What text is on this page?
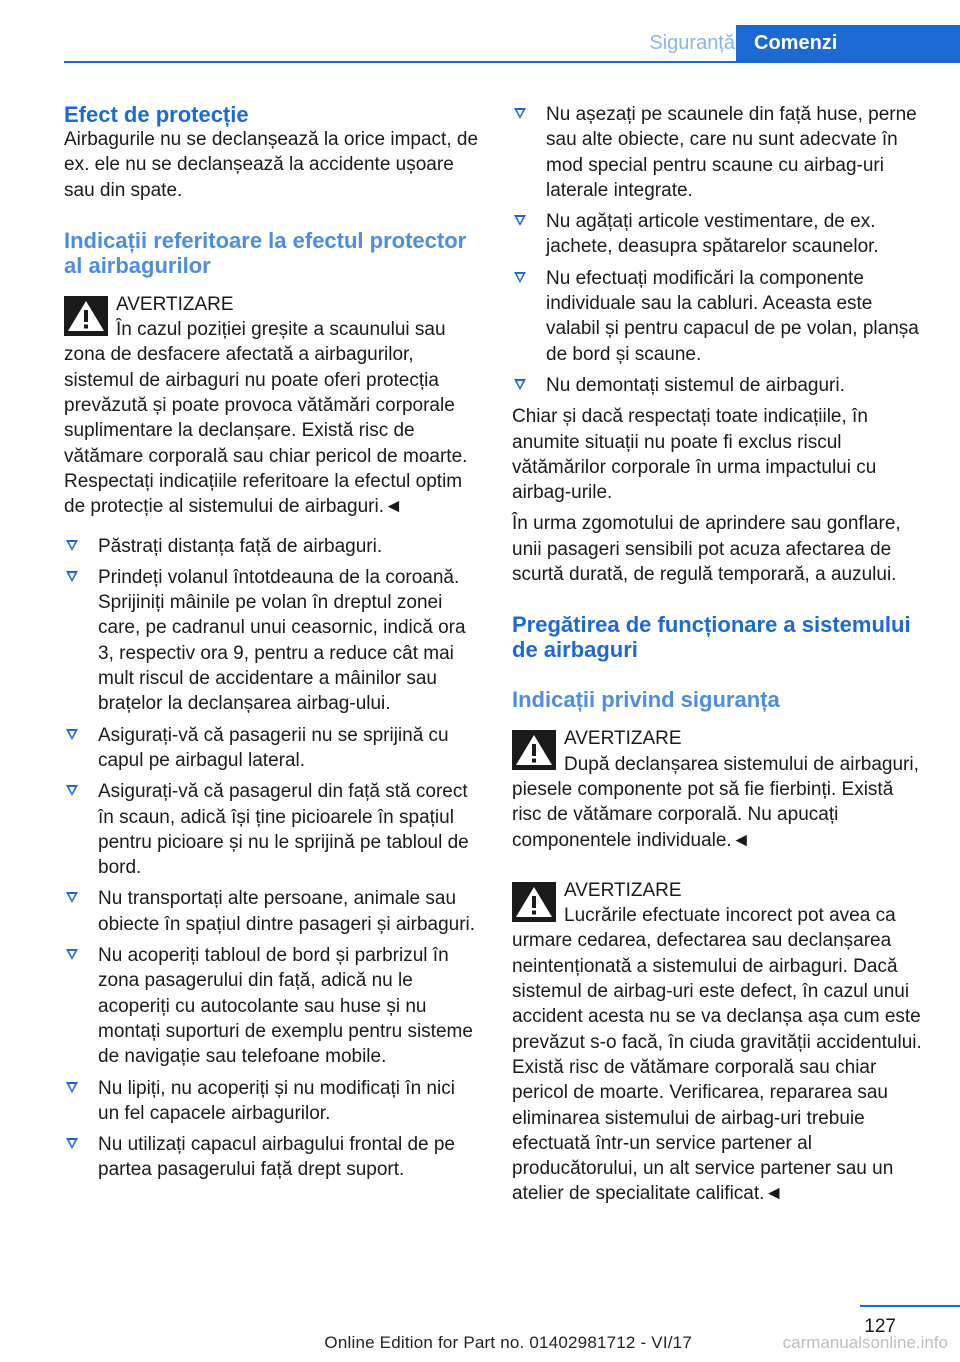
Siguranță Comenzi
Efect de protecție

Airbagurile nu se declanșează la orice impact, de ex. ele nu se declanșează la accidente ușoare sau din spate.

Indicații referitoare la efectul protector al airbagurilor
AVERTIZARE
În cazul poziției greșite a scaunului sau zona de desfacere afectată a airbagurilor, sistemul de airbaguri nu poate oferi protecția prevăzută și poate provoca vătămări corporale suplimentare la declanșare. Există risc de vătămare corporală sau chiar pericol de moarte. Respectați indicațiile referitoare la efectul optim de protecție al sistemului de airbaguri.◄
Păstrați distanța față de airbaguri.
Prindeți volanul întotdeauna de la coroană. Sprijiniți mâinile pe volan în dreptul zonei care, pe cadranul unui ceasornic, indică ora 3, respectiv ora 9, pentru a reduce cât mai mult riscul de accidentare a mâinilor sau brațelor la declanșarea airbag-ului.
Asigurați-vă că pasagerii nu se sprijină cu capul pe airbagul lateral.
Asigurați-vă că pasagerul din față stă corect în scaun, adică își ține picioarele în spațiul pentru picioare și nu le sprijină pe tabloul de bord.
Nu transportați alte persoane, animale sau obiecte în spațiul dintre pasageri și airbaguri.
Nu acoperiți tabloul de bord și parbrizul în zona pasagerului din față, adică nu le acoperiți cu autocolante sau huse și nu montați suporturi de exemplu pentru sisteme de navigație sau telefoane mobile.
Nu lipiți, nu acoperiți și nu modificați în nici un fel capacele airbagurilor.
Nu utilizați capacul airbagului frontal de pe partea pasagerului față drept suport.
Nu așezați pe scaunele din față huse, perne sau alte obiecte, care nu sunt adecvate în mod special pentru scaune cu airbag-uri laterale integrate.
Nu agățați articole vestimentare, de ex. jachete, deasupra spătarelor scaunelor.
Nu efectuați modificări la componente individuale sau la cabluri. Aceasta este valabil și pentru capacul de pe volan, planșa de bord și scaune.
Nu demontați sistemul de airbaguri.

Chiar și dacă respectați toate indicațiile, în anumite situații nu poate fi exclus riscul vătămărilor corporale în urma impactului cu airbag-urile.

În urma zgomotului de aprindere sau gonflare, unii pasageri sensibili pot acuza afectarea de scurtă durată, de regulă temporară, a auzului.

Pregătirea de funcționare a sistemului de airbaguri
Indicații privind siguranța
AVERTIZARE
După declanșarea sistemului de airbaguri, piesele componente pot să fie fierbinți. Există risc de vătămare corporală. Nu apucați componentele individuale.◄
AVERTIZARE
Lucrările efectuate incorect pot avea ca urmare cedarea, defectarea sau declanșarea neintenționată a sistemului de airbaguri. Dacă sistemul de airbag-uri este defect, în cazul unui accident acesta nu se va declanșa așa cum este prevăzut s-o facă, în ciuda gravității accidentului. Există risc de vătămare corporală sau chiar pericol de moarte. Verificarea, repararea sau eliminarea sistemului de airbag-uri trebuie efectuată într-un service partener al producătorului, un alt service partener sau un atelier de specialitate calificat.◄
127
Online Edition for Part no. 01402981712 - VI/17	carmanualsonline.info
